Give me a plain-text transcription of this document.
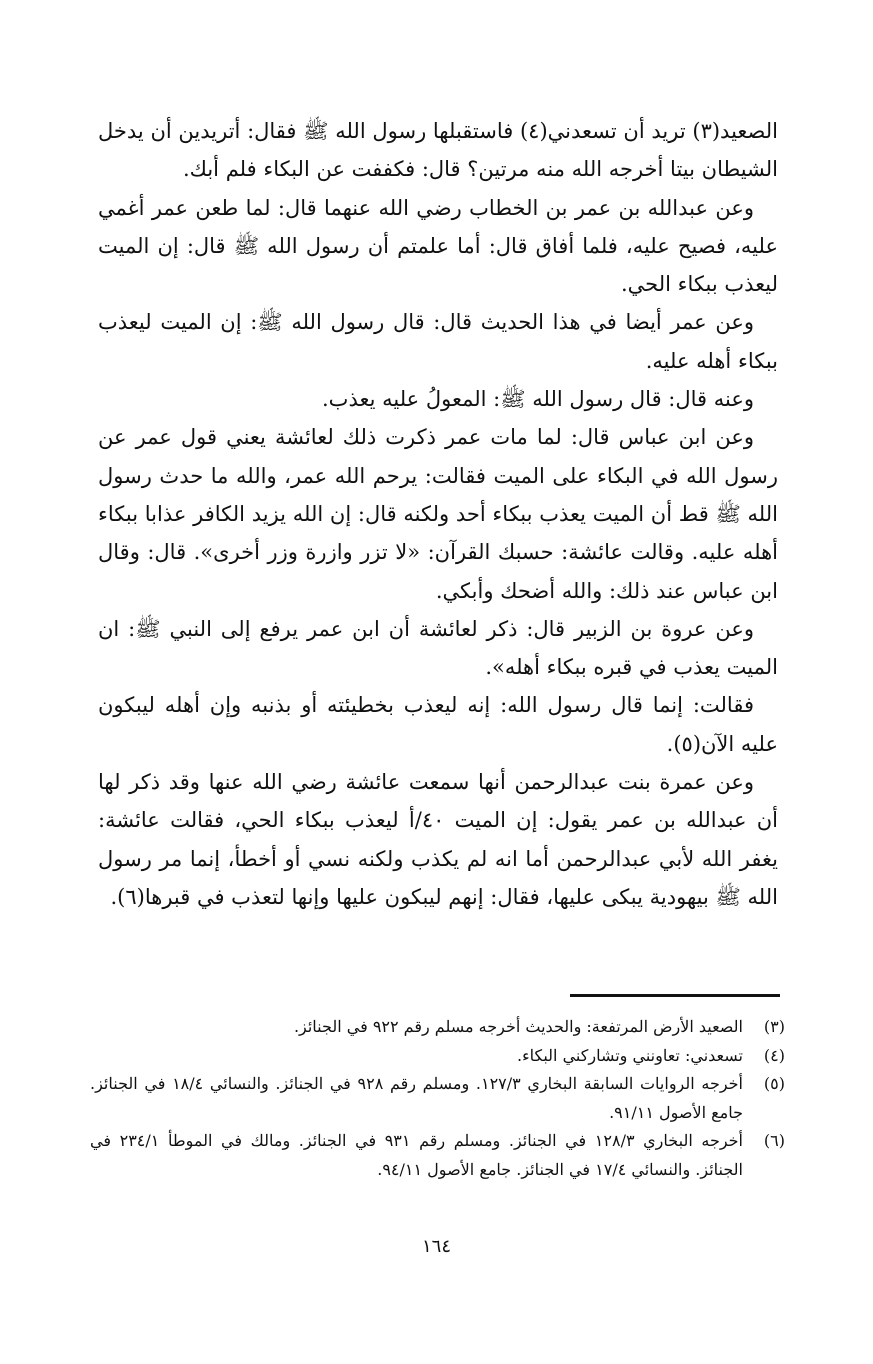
الصعيد(٣) تريد أن تسعدني(٤) فاستقبلها رسول الله ﷺ فقال: أتريدين أن يدخل الشيطان بيتا أخرجه الله منه مرتين؟ قال: فكففت عن البكاء فلم أبك.

وعن عبدالله بن عمر بن الخطاب رضي الله عنهما قال: لما طعن عمر أغمي عليه، فصيح عليه، فلما أفاق قال: أما علمتم أن رسول الله ﷺ قال: إن الميت ليعذب ببكاء الحي.

وعن عمر أيضا في هذا الحديث قال: قال رسول الله ﷺ: إن الميت ليعذب ببكاء أهله عليه.

وعنه قال: قال رسول الله ﷺ: المعولُ عليه يعذب.

وعن ابن عباس قال: لما مات عمر ذكرت ذلك لعائشة يعني قول عمر عن رسول الله في البكاء على الميت فقالت: يرحم الله عمر، والله ما حدث رسول الله ﷺ قط أن الميت يعذب ببكاء أحد ولكنه قال: إن الله يزيد الكافر عذابا ببكاء أهله عليه. وقالت عائشة: حسبك القرآن: «لا تزر وازرة وزر أخرى». قال: وقال ابن عباس عند ذلك: والله أضحك وأبكي.

وعن عروة بن الزبير قال: ذكر لعائشة أن ابن عمر يرفع إلى النبي ﷺ: ان الميت يعذب في قبره ببكاء أهله».

فقالت: إنما قال رسول الله: إنه ليعذب بخطيئته أو بذنبه وإن أهله ليبكون عليه الآن(٥).

وعن عمرة بنت عبدالرحمن أنها سمعت عائشة رضي الله عنها وقد ذكر لها أن عبدالله بن عمر يقول: إن الميت ٤٠/أ ليعذب ببكاء الحي، فقالت عائشة: يغفر الله لأبي عبدالرحمن أما انه لم يكذب ولكنه نسي أو أخطأ، إنما مر رسول الله ﷺ بيهودية يبكى عليها، فقال: إنهم ليبكون عليها وإنها لتعذب في قبرها(٦).

(٣)
الصعيد الأرض المرتفعة: والحديث أخرجه مسلم رقم ٩٢٢ في الجنائز.
(٤)
تسعدني: تعاونني وتشاركني البكاء.
(٥)
أخرجه الروايات السابقة البخاري ١٢٧/٣. ومسلم رقم ٩٢٨ في الجنائز. والنسائي ١٨/٤ في الجنائز. جامع الأصول ٩١/١١.
(٦)
أخرجه البخاري ١٢٨/٣ في الجنائز. ومسلم رقم ٩٣١ في الجنائز. ومالك في الموطأ ٢٣٤/١ في الجنائز. والنسائي ١٧/٤ في الجنائز. جامع الأصول ٩٤/١١.
١٦٤
